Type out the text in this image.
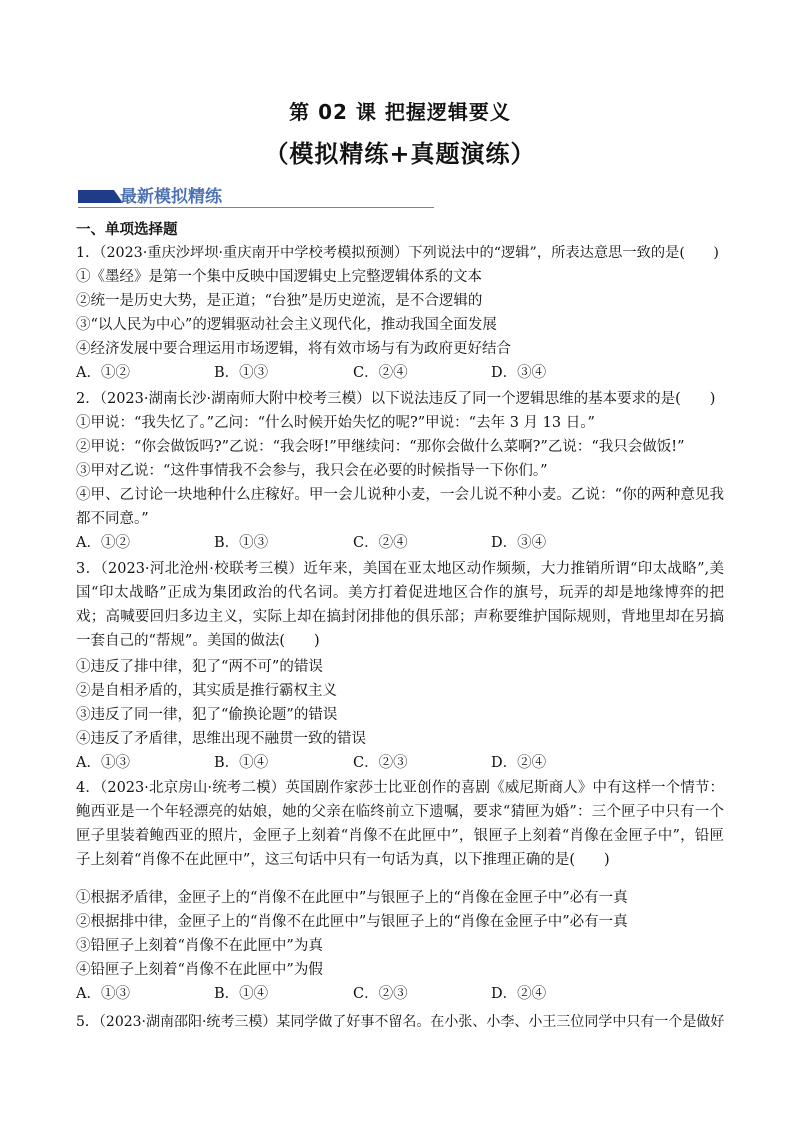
第 02 课 把握逻辑要义
（模拟精练+真题演练）
最新模拟精练
一、单项选择题
1．（2023·重庆沙坪坝·重庆南开中学校考模拟预测）下列说法中的“逻辑”，所表达意思一致的是(　　)
①《墨经》是第一个集中反映中国逻辑史上完整逻辑体系的文本
②统一是历史大势，是正道；“台独”是历史逆流，是不合逻辑的
③“以人民为中心”的逻辑驱动社会主义现代化，推动我国全面发展
④经济发展中要合理运用市场逻辑，将有效市场与有为政府更好结合
A．①②	B．①③	C．②④	D．③④
2．（2023·湖南长沙·湖南师大附中校考三模）以下说法违反了同一个逻辑思维的基本要求的是(　　)
①甲说：“我失忆了。”乙问：“什么时候开始失忆的呢?”甲说：“去年 3 月 13 日。”
②甲说：“你会做饭吗?”乙说：“我会呀!”甲继续问：“那你会做什么菜啊?”乙说：“我只会做饭!”
③甲对乙说：“这件事情我不会参与，我只会在必要的时候指导一下你们。”
④甲、乙讨论一块地种什么庄稼好。甲一会儿说种小麦，一会儿说不种小麦。乙说：“你的两种意见我都不同意。”
A．①②	B．①③	C．②④	D．③④
3．（2023·河北沧州·校联考三模）近年来，美国在亚太地区动作频频，大力推销所谓“印太战略”,美国“印太战略”正成为集团政治的代名词。美方打着促进地区合作的旗号，玩弄的却是地缘博弈的把戏；高喊要回归多边主义，实际上却在搞封闭排他的俱乐部；声称要维护国际规则，背地里却在另搞一套自己的“帮规”。美国的做法(　　)
①违反了排中律，犯了“两不可”的错误
②是自相矛盾的，其实质是推行霸权主义
③违反了同一律，犯了“偷换论题”的错误
④违反了矛盾律，思维出现不融贯一致的错误
A．①③	B．①④	C．②③	D．②④
4．（2023·北京房山·统考二模）英国剧作家莎士比亚创作的喜剧《威尼斯商人》中有这样一个情节：鲍西亚是一个年轻漂亮的姑娘，她的父亲在临终前立下遗嘱，要求“猜匣为婚”：三个匣子中只有一个匣子里装着鲍西亚的照片，金匣子上刻着“肖像不在此匣中”，银匣子上刻着“肖像在金匣子中”，铅匣子上刻着“肖像不在此匣中”，这三句话中只有一句话为真，以下推理正确的是(　　)
①根据矛盾律，金匣子上的“肖像不在此匣中”与银匣子上的“肖像在金匣子中”必有一真
②根据排中律，金匣子上的“肖像不在此匣中”与银匣子上的“肖像在金匣子中”必有一真
③铅匣子上刻着“肖像不在此匣中”为真
④铅匣子上刻着“肖像不在此匣中”为假
A．①③	B．①④	C．②③	D．②④
5．（2023·湖南邵阳·统考三模）某同学做了好事不留名。在小张、小李、小王三位同学中只有一个是做好
